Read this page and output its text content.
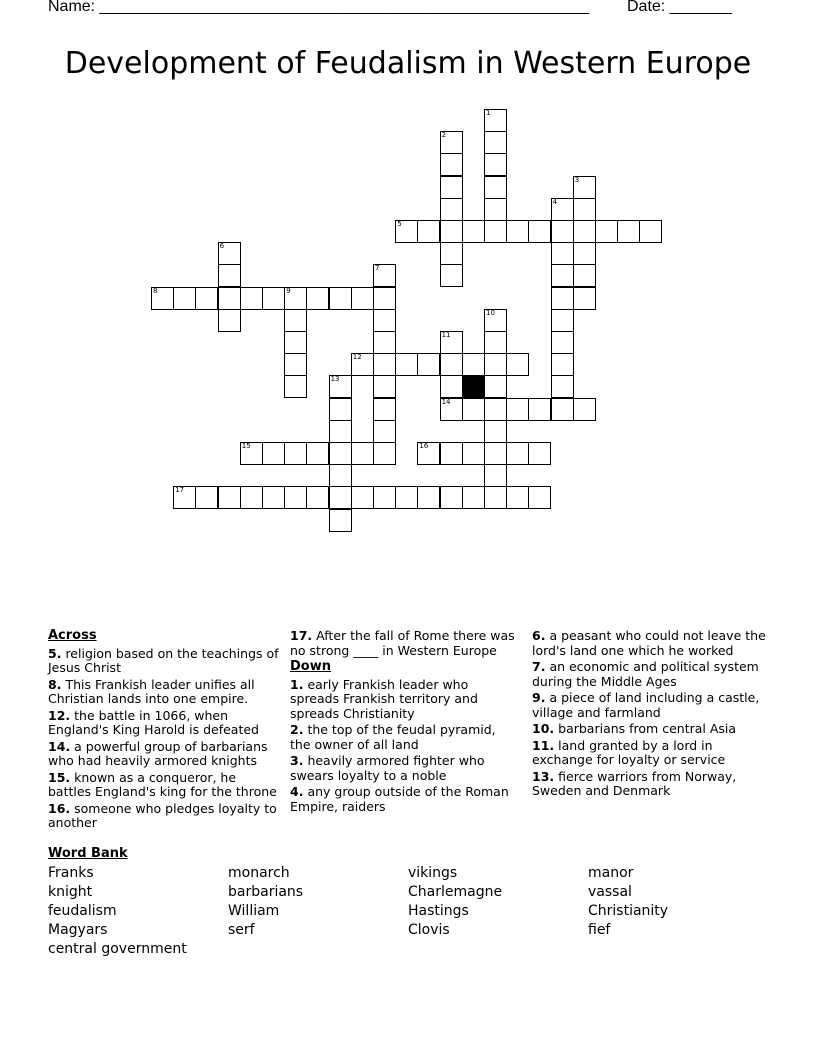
Name: _______________________________________________________ Date: _______
Development of Feudalism in Western Europe
1
2
3
4
5
6
7
8	9
10
11
12
13
14
15	16
17
Across
5. religion based on the teachings of Jesus Christ
8. This Frankish leader unifies all Christian lands into one empire.
12. the battle in 1066, when England's King Harold is defeated
14. a powerful group of barbarians who had heavily armored knights
15. known as a conqueror, he battles England's king for the throne
16. someone who pledges loyalty to another
17. After the fall of Rome there was no strong ____ in Western Europe
Down
1. early Frankish leader who spreads Frankish territory and spreads Christianity
2. the top of the feudal pyramid, the owner of all land
3. heavily armored fighter who swears loyalty to a noble
4. any group outside of the Roman Empire, raiders
6. a peasant who could not leave the lord's land one which he worked
7. an economic and political system during the Middle Ages
9. a piece of land including a castle, village and farmland
10. barbarians from central Asia
11. land granted by a lord in exchange for loyalty or service
13. fierce warriors from Norway, Sweden and Denmark
Word Bank
Franks
knight
feudalism
Magyars
central government
monarch
barbarians
William
serf
vikings
Charlemagne
Hastings
Clovis
manor
vassal
Christianity
fief
